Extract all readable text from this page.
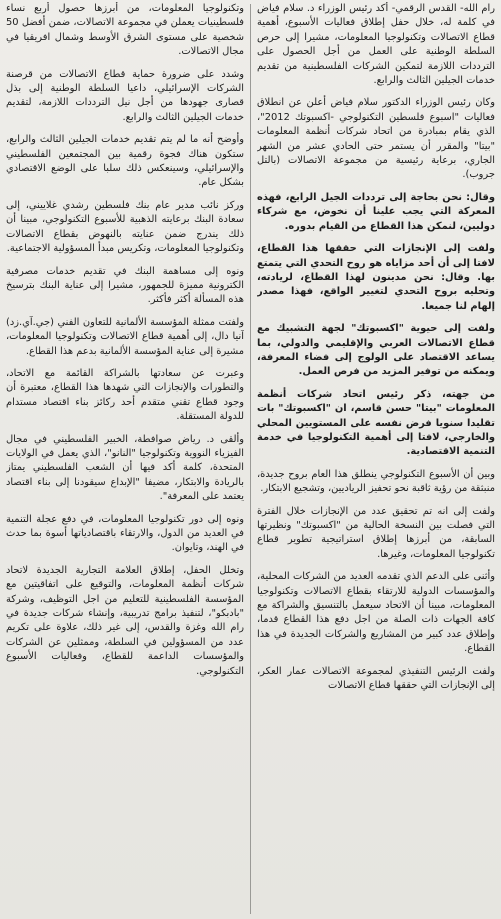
رام الله- القدس الرقمي- أكد رئيس الوزراء د. سلام فياض في كلمة له، خلال حفل إطلاق فعاليات الأسبوع، أهمية قطاع الاتصالات وتكنولوجيا المعلومات، مشيرا إلى حرص السلطة الوطنية على العمل من أجل الحصول على الترددات اللازمة لتمكين الشركات الفلسطينية من تقديم خدمات الجيلين الثالث والرابع.

وكان رئيس الوزراء الدكتور سلام فياض أعلن عن انطلاق فعاليات "اسبوع فلسطين التكنولوجي -اكسبوتك 2012"، الذي يقام بمبادرة من اتحاد شركات أنظمة المعلومات "بيتا" والمقرر أن يستمر حتى الحادي عشر من الشهر الجاري، برعاية رئيسية من مجموعة الاتصالات (بالتل جروب).

وقال: نحن بحاجة إلى ترددات الجيل الرابع، فهذه المعركة التي يجب علينا أن نخوض، مع شركاء دوليين، لنمكن هذا القطاع من القيام بدوره.

ولفت إلى الإنجازات التي حققها هذا القطاع، لافتا إلى أن أحد مزاياه هو روح التحدي التي يتمتع بها. وقال: نحن مدينون لهذا القطاع، لريادته، وتحليه بروح التحدي لتغيير الواقع، فهذا مصدر إلهام لنا جميعا.

ولفت إلى حيوية "اكسبوتك" لجهة التشبيك مع قطاع الاتصالات العربي والإقليمي والدولي، بما يساعد الاقتصاد على الولوج إلى فضاء المعرفة، ويمكنه من توفير المزيد من فرص العمل.

من جهته، ذكر رئيس اتحاد شركات أنظمة المعلومات "بيتا" حسن قاسم، ان "اكسبوتك" بات تقليدا سنويا فرض نفسه على المستويين المحلي والخارجي، لافتا إلى أهمية التكنولوجيا في خدمة التنمية الاقتصادية.

وبين أن الأسبوع التكنولوجي ينطلق هذا العام بروح جديدة، منبثقة من رؤية ثاقبة نحو تحفيز الرياديين، وتشجيع الابتكار.

ولفت إلى انه تم تحقيق عدد من الإنجازات خلال الفترة التي فصلت بين النسخة الحالية من "اكسبوتك" ونظيرتها السابقة، من أبرزها إطلاق استراتيجية تطوير قطاع تكنولوجيا المعلومات، وغيرها.

وأثنى على الدعم الذي تقدمه العديد من الشركات المحلية، والمؤسسات الدولية للارتقاء بقطاع الاتصالات وتكنولوجيا المعلومات، مبينا أن الاتحاد سيعمل بالتنسيق والشراكة مع كافة الجهات ذات الصلة من اجل دفع هذا القطاع قدما، وإطلاق عدد كبير من المشاريع والشركات الجديدة في هذا القطاع.

ولفت الرئيس التنفيذي لمجموعة الاتصالات عمار العكر، إلى الإنجازات التي حققها قطاع الاتصالات

وتكنولوجيا المعلومات، من أبرزها حصول أربع نساء فلسطينيات يعملن في مجموعة الاتصالات، ضمن أفضل 50 شخصية على مستوى الشرق الأوسط وشمال افريقيا في مجال الاتصالات.

وشدد على ضرورة حماية قطاع الاتصالات من قرصنة الشركات الإسرائيلي، داعيا السلطة الوطنية إلى بذل قصارى جهودها من أجل نيل الترددات اللازمة، لتقديم خدمات الجيلين الثالث والرابع.

وأوضح أنه ما لم يتم تقديم خدمات الجيلين الثالث والرابع، ستكون هناك فجوة رقمية بين المجتمعين الفلسطيني والإسرائيلي، وسينعكس ذلك سلبا على الوضع الاقتصادي بشكل عام.

وركز نائب مدير عام بنك فلسطين رشدي غلاييني، إلى سعادة البنك برعايته الذهبية للأسبوع التكنولوجي، مبينا أن ذلك يندرج ضمن عنايته بالنهوض بقطاع الاتصالات وتكنولوجيا المعلومات، وتكريس مبدأ المسؤولية الاجتماعية.

ونوه إلى مساهمة البنك في تقديم خدمات مصرفية الكترونية مميزة للجمهور، مشيرا إلى عناية البنك بترسيخ هذه المسألة أكثر فأكثر.

ولفتت ممثلة المؤسسة الألمانية للتعاون الفني (جي.آي.زد) آنيا دال، إلى أهمية قطاع الاتصالات وتكنولوجيا المعلومات، مشيرة إلى عناية المؤسسة الألمانية بدعم هذا القطاع.

وعبرت عن سعادتها بالشراكة القائمة مع الاتحاد، والتطورات والإنجازات التي شهدها هذا القطاع، معتبرة أن وجود قطاع تقني متقدم أحد ركائز بناء اقتصاد مستدام للدولة المستقلة.

وألقى د. رياض صوافطة، الخبير الفلسطيني في مجال الفيزياء النووية وتكنولوجيا "النانو"، الذي يعمل في الولايات المتحدة، كلمة أكد فيها أن الشعب الفلسطيني يمتاز بالريادة والابتكار، مضيفا "الإبداع سيقودنا إلى بناء اقتصاد يعتمد على المعرفة".

ونوه إلى دور تكنولوجيا المعلومات، في دفع عجلة التنمية في العديد من الدول، والارتقاء باقتصادياتها أسوة بما حدث في الهند، وتايوان.

وتخلل الحفل، إطلاق العلامة التجارية الجديدة لاتحاد شركات أنظمة المعلومات، والتوقيع على اتفاقيتين مع المؤسسة الفلسطينية للتعليم من اجل التوظيف، وشركة "بادبكو"، لتنفيذ برامج تدريبية، وإنشاء شركات جديدة في رام الله وغزة والقدس، إلى غير ذلك، علاوة على تكريم عدد من المسؤولين في السلطة، وممثلين عن الشركات والمؤسسات الداعمة للقطاع، وفعاليات الأسبوع التكنولوجي.
